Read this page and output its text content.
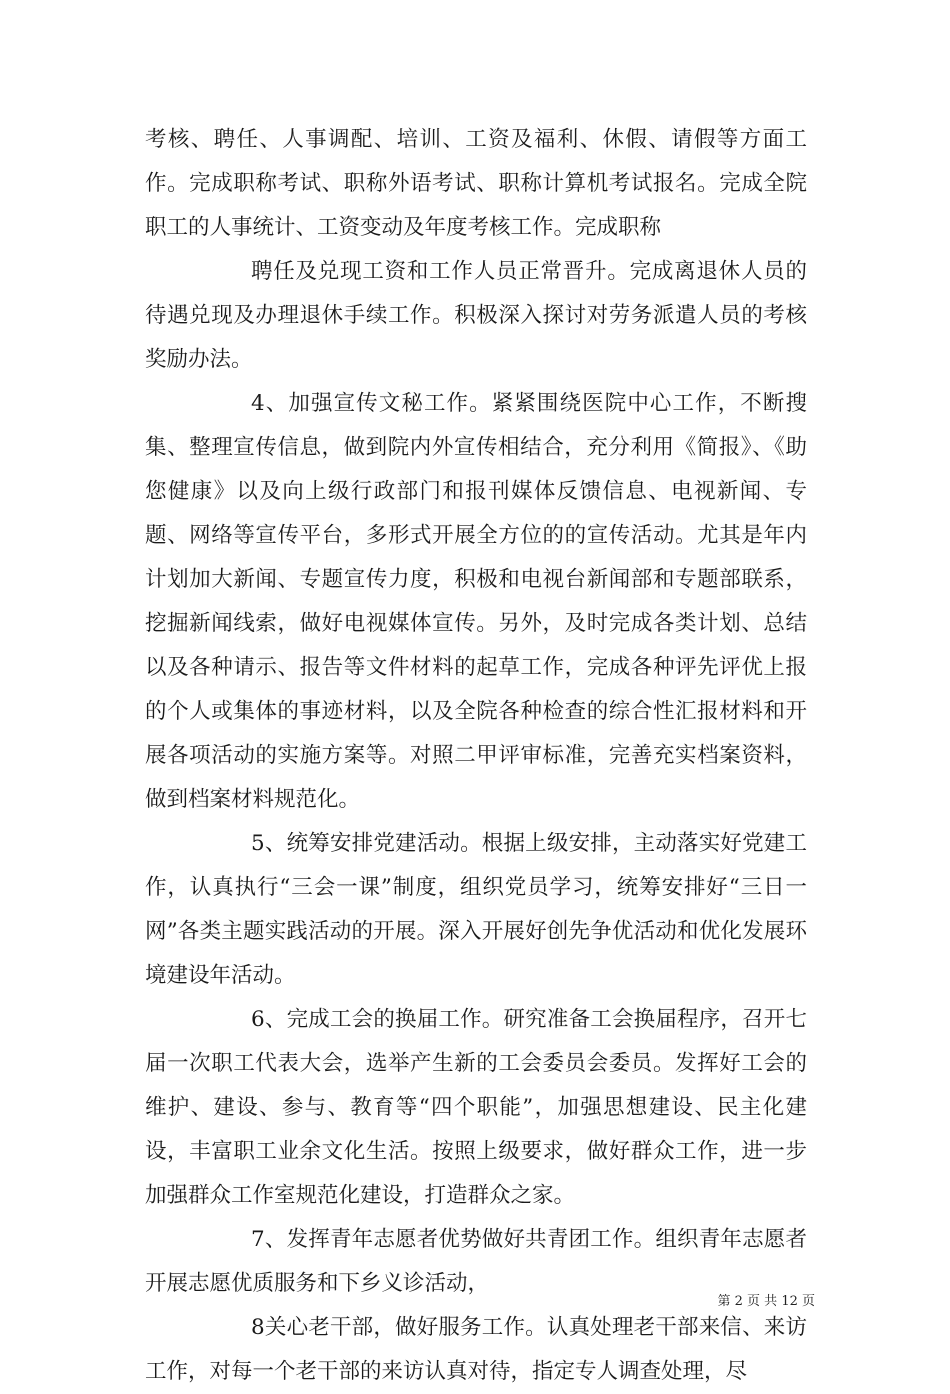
考核、聘任、人事调配、培训、工资及福利、休假、请假等方面工作。完成职称考试、职称外语考试、职称计算机考试报名。完成全院职工的人事统计、工资变动及年度考核工作。完成职称

聘任及兑现工资和工作人员正常晋升。完成离退休人员的待遇兑现及办理退休手续工作。积极深入探讨对劳务派遣人员的考核奖励办法。

4、加强宣传文秘工作。紧紧围绕医院中心工作，不断搜集、整理宣传信息，做到院内外宣传相结合，充分利用《简报》、《助您健康》以及向上级行政部门和报刊媒体反馈信息、电视新闻、专题、网络等宣传平台，多形式开展全方位的的宣传活动。尤其是年内计划加大新闻、专题宣传力度，积极和电视台新闻部和专题部联系，挖掘新闻线索，做好电视媒体宣传。另外，及时完成各类计划、总结以及各种请示、报告等文件材料的起草工作，完成各种评先评优上报的个人或集体的事迹材料，以及全院各种检查的综合性汇报材料和开展各项活动的实施方案等。对照二甲评审标准，完善充实档案资料，做到档案材料规范化。

5、统筹安排党建活动。根据上级安排，主动落实好党建工作，认真执行“三会一课”制度，组织党员学习，统筹安排好“三日一网”各类主题实践活动的开展。深入开展好创先争优活动和优化发展环境建设年活动。

6、完成工会的换届工作。研究准备工会换届程序，召开七届一次职工代表大会，选举产生新的工会委员会委员。发挥好工会的维护、建设、参与、教育等“四个职能”，加强思想建设、民主化建设，丰富职工业余文化生活。按照上级要求，做好群众工作，进一步加强群众工作室规范化建设，打造群众之家。

7、发挥青年志愿者优势做好共青团工作。组织青年志愿者开展志愿优质服务和下乡义诊活动，

8关心老干部，做好服务工作。认真处理老干部来信、来访工作，对每一个老干部的来访认真对待，指定专人调查处理，尽

第 2 页 共 12 页
